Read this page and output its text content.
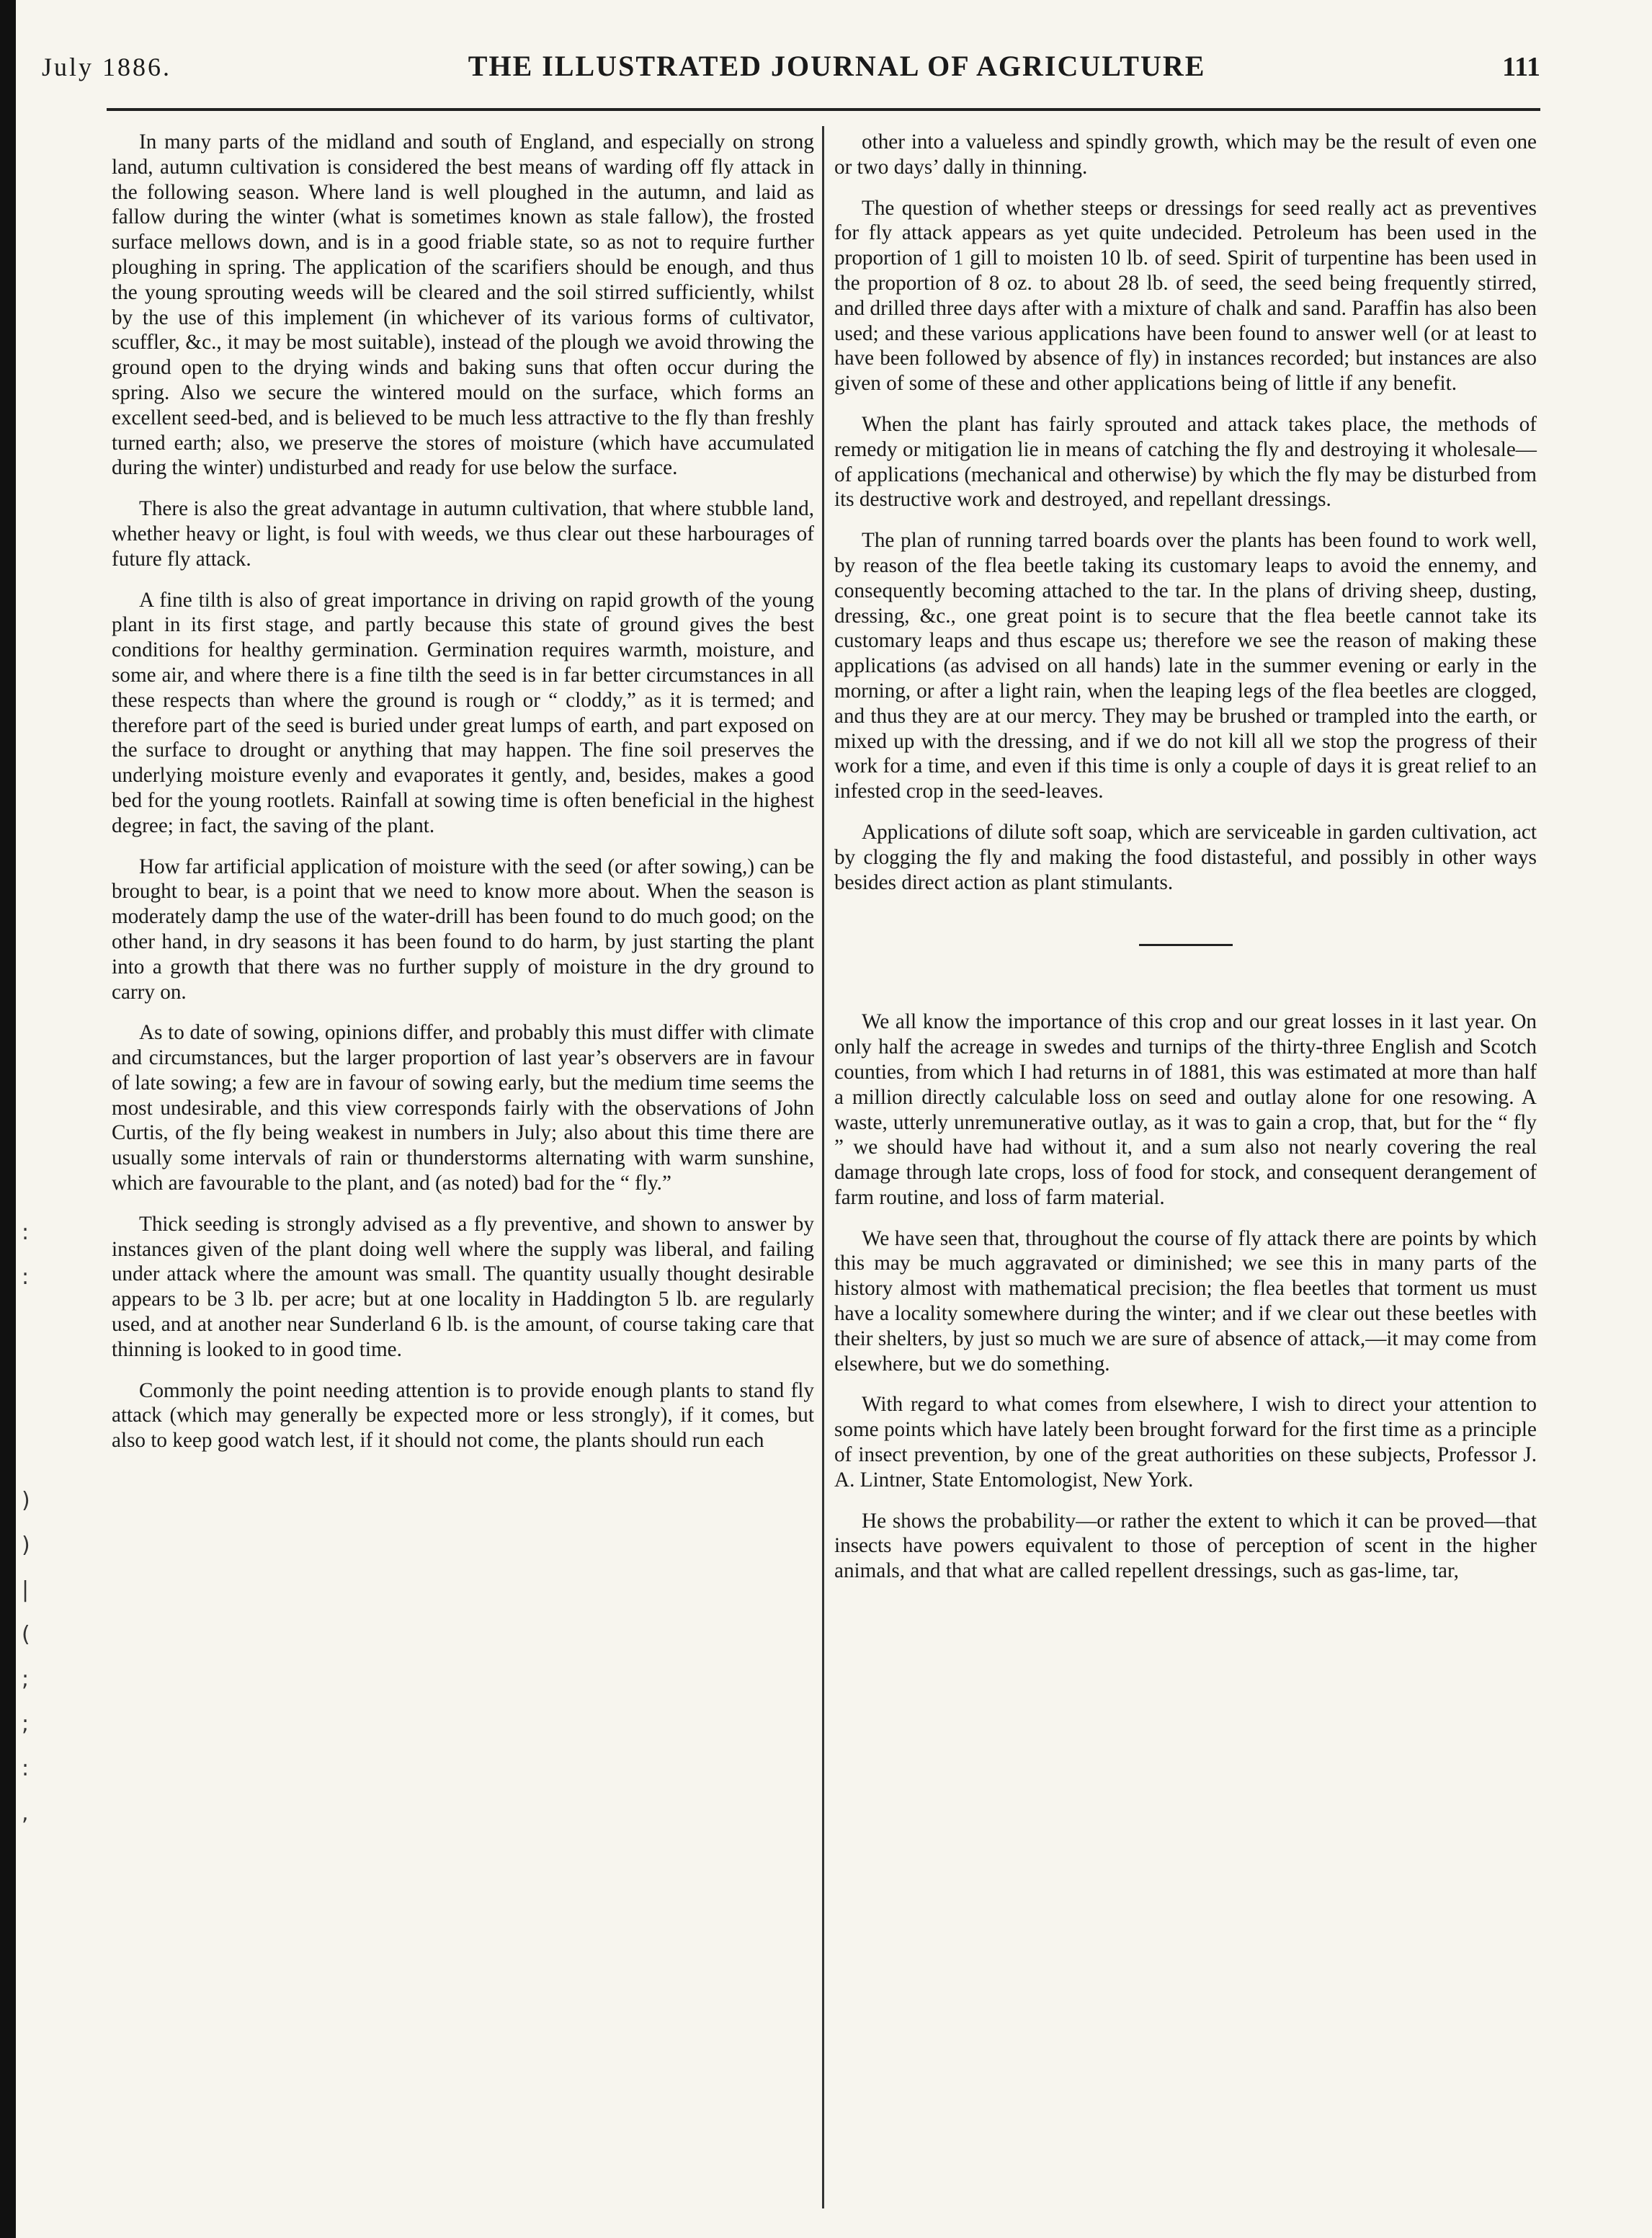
:
:

)
)
|
(
;
;
:
,
July 1886.	THE ILLUSTRATED JOURNAL OF AGRICULTURE	111

In many parts of the midland and south of England, and especially on strong land, autumn cultivation is considered the best means of warding off fly attack in the following season. Where land is well ploughed in the autumn, and laid as fallow during the winter (what is sometimes known as stale fallow), the frosted surface mellows down, and is in a good friable state, so as not to require further ploughing in spring. The application of the scarifiers should be enough, and thus the young sprouting weeds will be cleared and the soil stirred sufficiently, whilst by the use of this implement (in whichever of its various forms of cultivator, scuffler, &c., it may be most suitable), instead of the plough we avoid throwing the ground open to the drying winds and baking suns that often occur during the spring. Also we secure the wintered mould on the surface, which forms an excellent seed-bed, and is believed to be much less attractive to the fly than freshly turned earth; also, we preserve the stores of moisture (which have accumulated during the winter) undisturbed and ready for use below the surface.

There is also the great advantage in autumn cultivation, that where stubble land, whether heavy or light, is foul with weeds, we thus clear out these harbourages of future fly attack.

A fine tilth is also of great importance in driving on rapid growth of the young plant in its first stage, and partly because this state of ground gives the best conditions for healthy germination. Germination requires warmth, moisture, and some air, and where there is a fine tilth the seed is in far better circumstances in all these respects than where the ground is rough or “ cloddy,” as it is termed; and therefore part of the seed is buried under great lumps of earth, and part exposed on the surface to drought or anything that may happen. The fine soil preserves the underlying moisture evenly and evaporates it gently, and, besides, makes a good bed for the young rootlets. Rainfall at sowing time is often beneficial in the highest degree; in fact, the saving of the plant.

How far artificial application of moisture with the seed (or after sowing,) can be brought to bear, is a point that we need to know more about. When the season is moderately damp the use of the water-drill has been found to do much good; on the other hand, in dry seasons it has been found to do harm, by just starting the plant into a growth that there was no further supply of moisture in the dry ground to carry on.

As to date of sowing, opinions differ, and probably this must differ with climate and circumstances, but the larger proportion of last year’s observers are in favour of late sowing; a few are in favour of sowing early, but the medium time seems the most undesirable, and this view corresponds fairly with the observations of John Curtis, of the fly being weakest in numbers in July; also about this time there are usually some intervals of rain or thunderstorms alternating with warm sunshine, which are favourable to the plant, and (as noted) bad for the “ fly.”

Thick seeding is strongly advised as a fly preventive, and shown to answer by instances given of the plant doing well where the supply was liberal, and failing under attack where the amount was small. The quantity usually thought desirable appears to be 3 lb. per acre; but at one locality in Haddington 5 lb. are regularly used, and at another near Sunderland 6 lb. is the amount, of course taking care that thinning is looked to in good time.

Commonly the point needing attention is to provide enough plants to stand fly attack (which may generally be expected more or less strongly), if it comes, but also to keep good watch lest, if it should not come, the plants should run each

other into a valueless and spindly growth, which may be the result of even one or two days’ dally in thinning.

The question of whether steeps or dressings for seed really act as preventives for fly attack appears as yet quite undecided. Petroleum has been used in the proportion of 1 gill to moisten 10 lb. of seed. Spirit of turpentine has been used in the proportion of 8 oz. to about 28 lb. of seed, the seed being frequently stirred, and drilled three days after with a mixture of chalk and sand. Paraffin has also been used; and these various applications have been found to answer well (or at least to have been followed by absence of fly) in instances recorded; but instances are also given of some of these and other applications being of little if any benefit.

When the plant has fairly sprouted and attack takes place, the methods of remedy or mitigation lie in means of catching the fly and destroying it wholesale—of applications (mechanical and otherwise) by which the fly may be disturbed from its destructive work and destroyed, and repellant dressings.

The plan of running tarred boards over the plants has been found to work well, by reason of the flea beetle taking its customary leaps to avoid the ennemy, and consequently becoming attached to the tar. In the plans of driving sheep, dusting, dressing, &c., one great point is to secure that the flea beetle cannot take its customary leaps and thus escape us; therefore we see the reason of making these applications (as advised on all hands) late in the summer evening or early in the morning, or after a light rain, when the leaping legs of the flea beetles are clogged, and thus they are at our mercy. They may be brushed or trampled into the earth, or mixed up with the dressing, and if we do not kill all we stop the progress of their work for a time, and even if this time is only a couple of days it is great relief to an infested crop in the seed-leaves.

Applications of dilute soft soap, which are serviceable in garden cultivation, act by clogging the fly and making the food distasteful, and possibly in other ways besides direct action as plant stimulants.

We all know the importance of this crop and our great losses in it last year. On only half the acreage in swedes and turnips of the thirty-three English and Scotch counties, from which I had returns in of 1881, this was estimated at more than half a million directly calculable loss on seed and outlay alone for one resowing. A waste, utterly unremunerative outlay, as it was to gain a crop, that, but for the “ fly ” we should have had without it, and a sum also not nearly covering the real damage through late crops, loss of food for stock, and consequent derangement of farm routine, and loss of farm material.

We have seen that, throughout the course of fly attack there are points by which this may be much aggravated or diminished; we see this in many parts of the history almost with mathematical precision; the flea beetles that torment us must have a locality somewhere during the winter; and if we clear out these beetles with their shelters, by just so much we are sure of absence of attack,—it may come from elsewhere, but we do something.

With regard to what comes from elsewhere, I wish to direct your attention to some points which have lately been brought forward for the first time as a principle of insect prevention, by one of the great authorities on these subjects, Professor J. A. Lintner, State Entomologist, New York.

He shows the probability—or rather the extent to which it can be proved—that insects have powers equivalent to those of perception of scent in the higher animals, and that what are called repellent dressings, such as gas-lime, tar,
